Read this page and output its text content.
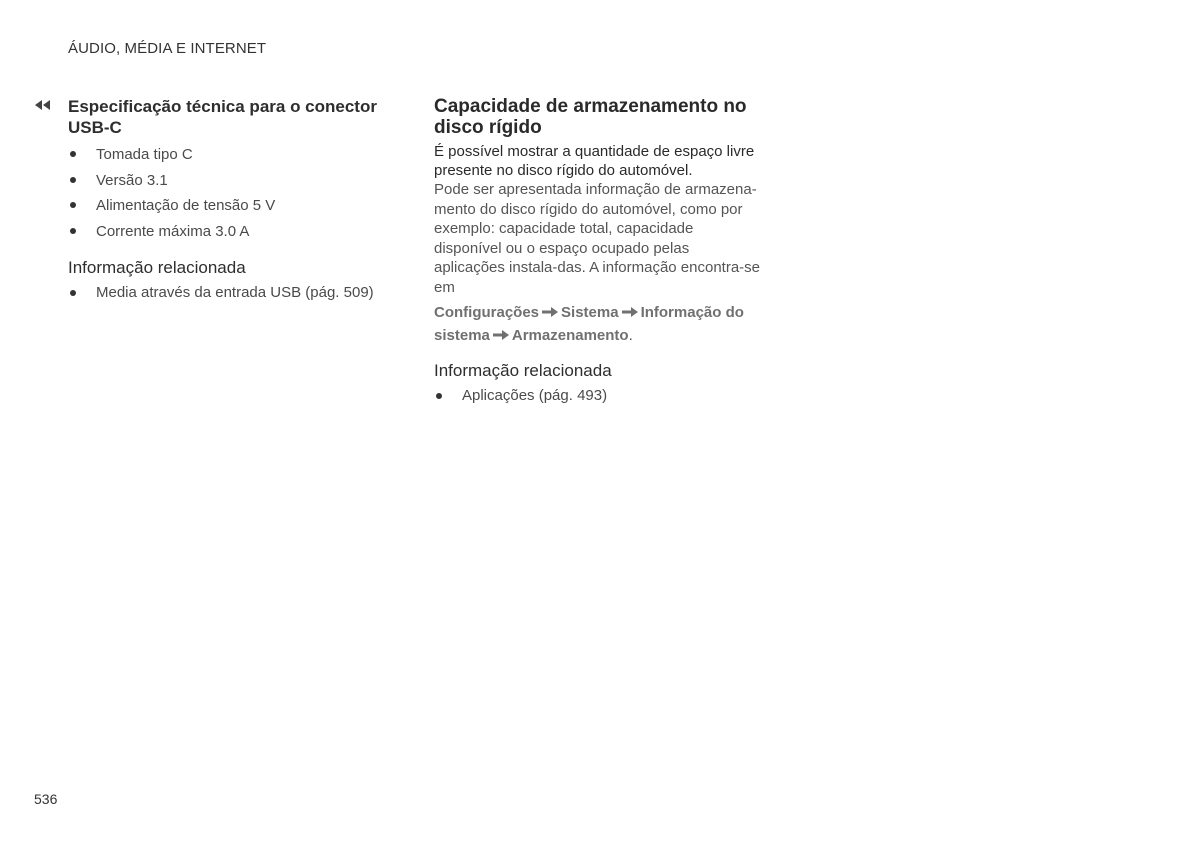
ÁUDIO, MÉDIA E INTERNET
Especificação técnica para o conector USB-C
Tomada tipo C
Versão 3.1
Alimentação de tensão 5 V
Corrente máxima 3.0 A
Informação relacionada
Media através da entrada USB (pág. 509)
Capacidade de armazenamento no disco rígido

É possível mostrar a quantidade de espaço livre presente no disco rígido do automóvel.

Pode ser apresentada informação de armazena-mento do disco rígido do automóvel, como por exemplo: capacidade total, capacidade disponível ou o espaço ocupado pelas aplicações instala-das. A informação encontra-se em

Configurações Sistema Informação do sistema Armazenamento.
Informação relacionada
Aplicações (pág. 493)
536
